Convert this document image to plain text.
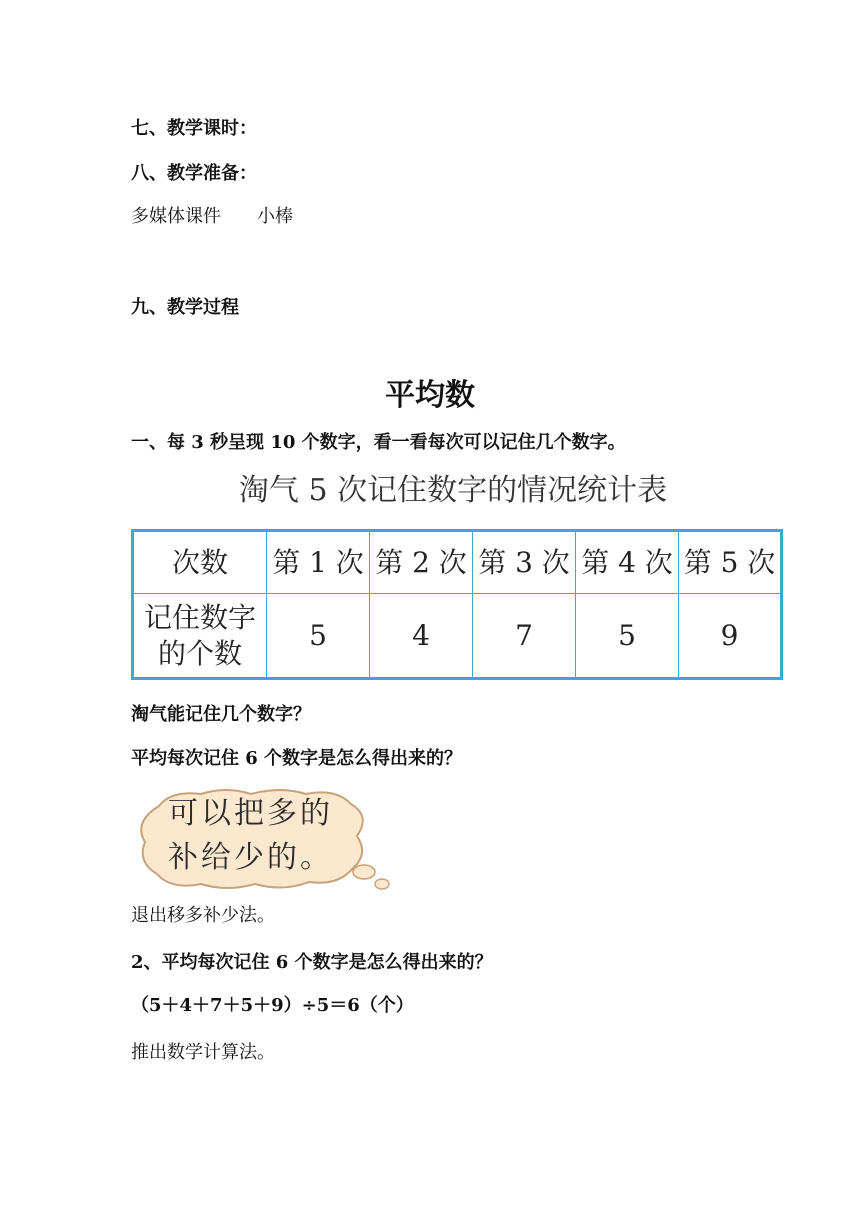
七、教学课时：
八、教学准备：
多媒体课件　　小棒
九、教学过程
平均数
一、每 3 秒呈现 10 个数字，看一看每次可以记住几个数字。
淘气 5 次记住数字的情况统计表
次数	第 1 次	第 2 次	第 3 次	第 4 次	第 5 次

记住数字
的个数	5	4	7	5	9
淘气能记住几个数字？
平均每次记住 6 个数字是怎么得出来的？
可以把多的
补给少的。
退出移多补少法。
2、平均每次记住 6 个数字是怎么得出来的？
（5＋4＋7＋5＋9）÷5＝6（个）
推出数学计算法。
